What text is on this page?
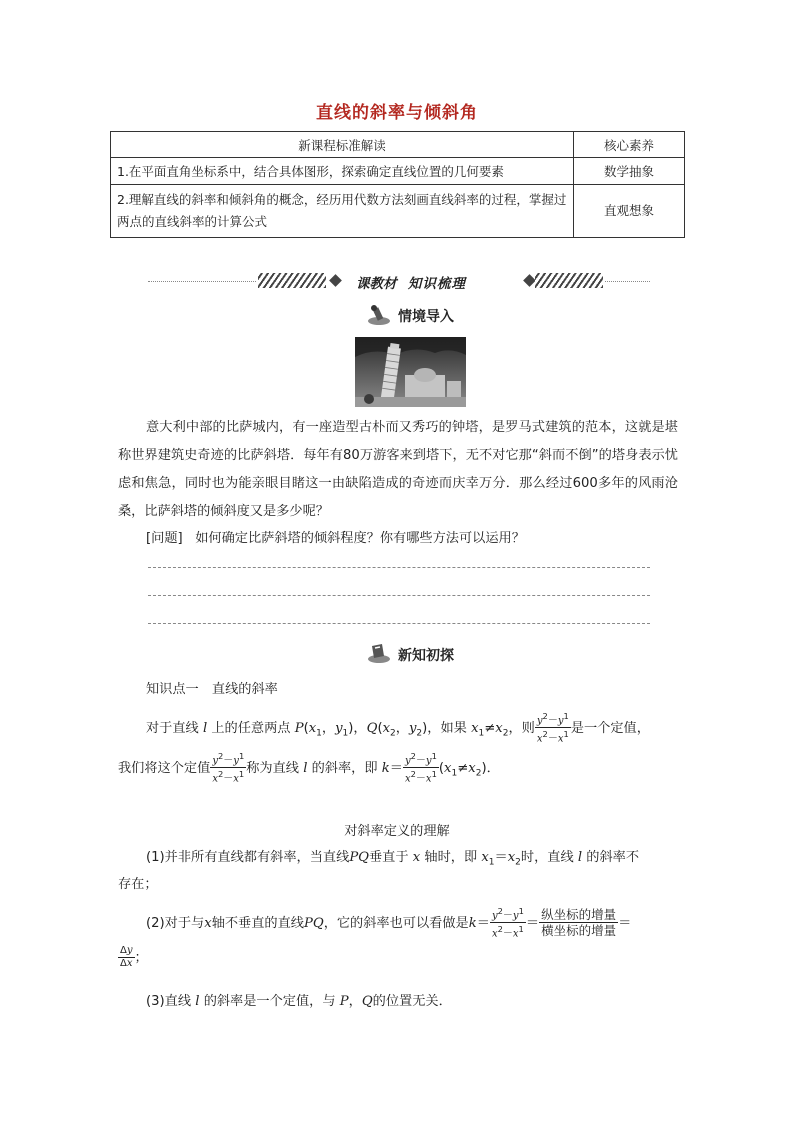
直线的斜率与倾斜角
新课程标准解读	核心素养
1.在平面直角坐标系中，结合具体图形，探索确定直线位置的几何要素	数学抽象
2.理解直线的斜率和倾斜角的概念，经历用代数方法刻画直线斜率的过程，掌握过两点的直线斜率的计算公式	直观想象
课教材 知识梳理
情境导入

意大利中部的比萨城内，有一座造型古朴而又秀巧的钟塔，是罗马式建筑的范本，这就是堪称世界建筑史奇迹的比萨斜塔．每年有80万游客来到塔下，无不对它那“斜而不倒”的塔身表示忧虑和焦急，同时也为能亲眼目睹这一由缺陷造成的奇迹而庆幸万分．那么经过600多年的风雨沧桑，比萨斜塔的倾斜度又是多少呢？

[问题] 如何确定比萨斜塔的倾斜程度？你有哪些方法可以运用？
新知初探
知识点一　直线的斜率
对于直线 l 上的任意两点 $P(x_1$，$y_1$)，$Q(x_2$，$y_2$)，如果 $x_1\ne x_2$，则 $\frac{y^2-y^1}{x^2-x^1}$ 是一个定值，
我们将这个定值 $\frac{y^2-y^1}{x^2-x^1}$ 称为直线 l 的斜率，即 $k= \frac{y^2-y^1}{x^2-x^1} (x_1\ne x_2)$．
对斜率定义的理解
(1)并非所有直线都有斜率，当直线PQ垂直于 x 轴时，即 $x_1=x_2$时，直线 l 的斜率不
存在；
(2)对于与x轴不垂直的直线PQ，它的斜率也可以看做是$k= \frac{y^2-y^1}{x^2-x^1} = \frac{\text{纵坐标的增量}}{\text{横坐标的增量}}$ ＝
$\frac{\Delta y}{\Delta x}$ ；
(3)直线 l 的斜率是一个定值，与 P，Q的位置无关．
